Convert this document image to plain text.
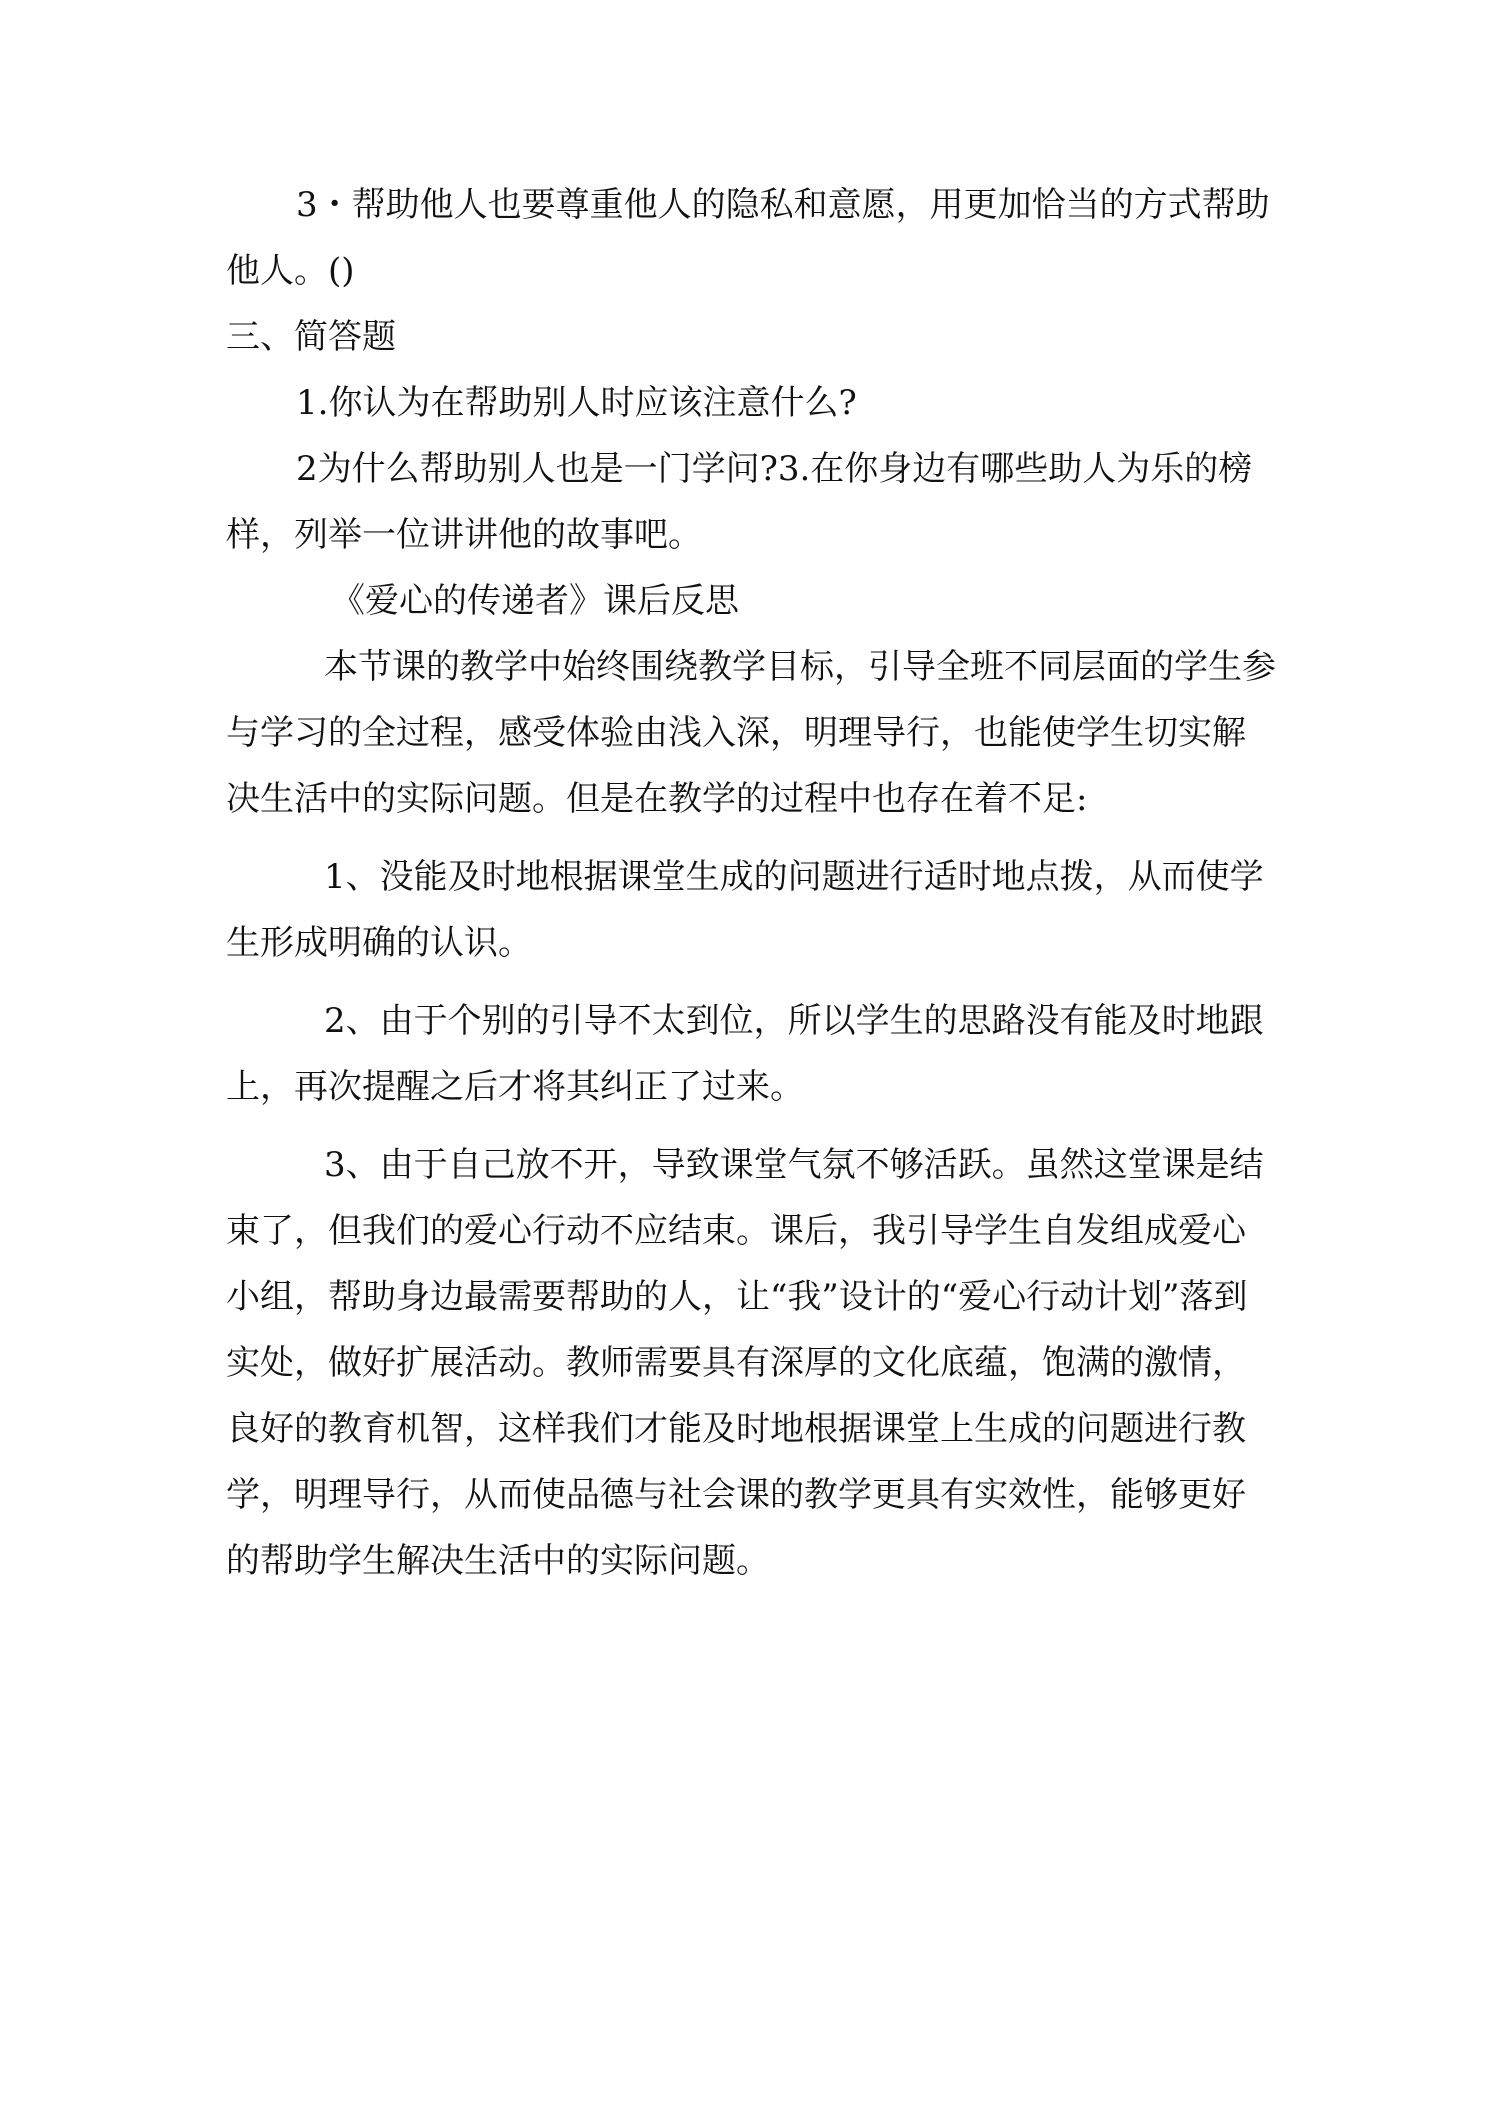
3・帮助他人也要尊重他人的隐私和意愿，用更加恰当的方式帮助他人。()

三、简答题

1.你认为在帮助别人时应该注意什么?

2为什么帮助别人也是一门学问?3.在你身边有哪些助人为乐的榜样，列举一位讲讲他的故事吧。

《爱心的传递者》课后反思

本节课的教学中始终围绕教学目标，引导全班不同层面的学生参与学习的全过程，感受体验由浅入深，明理导行，也能使学生切实解决生活中的实际问题。但是在教学的过程中也存在着不足:

1、没能及时地根据课堂生成的问题进行适时地点拨，从而使学生形成明确的认识。

2、由于个别的引导不太到位，所以学生的思路没有能及时地跟上，再次提醒之后才将其纠正了过来。

3、由于自己放不开，导致课堂气氛不够活跃。虽然这堂课是结束了，但我们的爱心行动不应结束。课后，我引导学生自发组成爱心小组，帮助身边最需要帮助的人，让“我”设计的“爱心行动计划”落到实处，做好扩展活动。教师需要具有深厚的文化底蕴，饱满的激情，良好的教育机智，这样我们才能及时地根据课堂上生成的问题进行教学，明理导行，从而使品德与社会课的教学更具有实效性，能够更好的帮助学生解决生活中的实际问题。
